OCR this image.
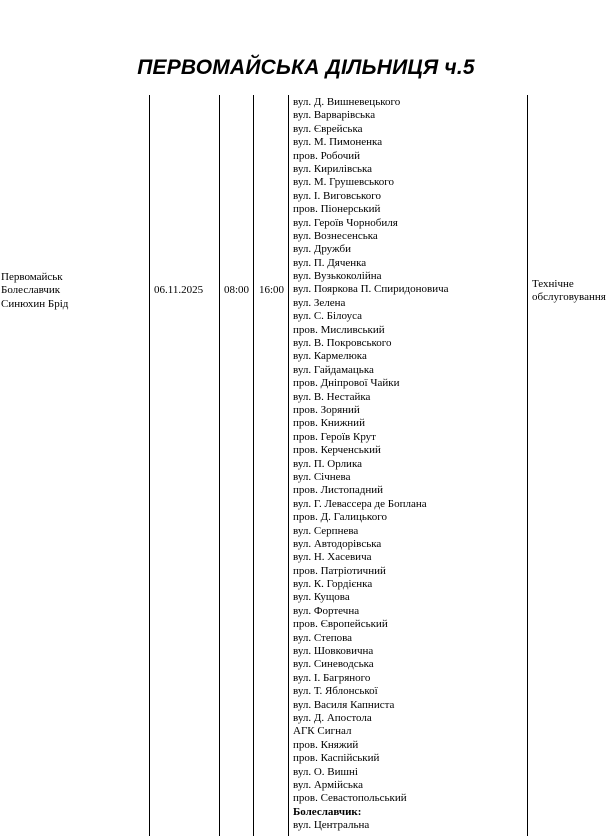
ПЕРВОМАЙСЬКА ДІЛЬНИЦЯ ч.5
Первомайськ
Болеславчик
Синюхин Брід
06.11.2025 08:00 16:00	Технічне
обслуговування
вул. Д. Вишневецького
вул. Варварівська
вул. Єврейська
вул. М. Пимоненка
пров. Робочий
вул. Кирилівська
вул. М. Грушевського
вул. І. Виговського
пров. Піонерський
вул. Героїв Чорнобиля
вул. Вознесенська
вул. Дружби
вул. П. Дяченка
вул. Вузькоколійна
вул. Пояркова П. Спиридоновича
вул. Зелена
вул. С. Білоуса
пров. Мисливський
вул. В. Покровського
вул. Кармелюка
вул. Гайдамацька
пров. Дніпрової Чайки
вул. В. Нестайка
пров. Зоряний
пров. Книжний
пров. Героїв Крут
пров. Керченський
вул. П. Орлика
вул. Січнева
пров. Листопадний
вул. Г. Левассера де Боплана
пров. Д. Галицького
вул. Серпнева
вул. Автодорівська
вул. Н. Хасевича
пров. Патріотичний
вул. К. Гордієнка
вул. Кущова
вул. Фортечна
пров. Європейський
вул. Степова
вул. Шовковична
вул. Синеводська
вул. І. Багряного
вул. Т. Яблонської
вул. Василя Капниста
вул. Д. Апостола
АГК Сигнал
пров. Княжий
пров. Каспійський
вул. О. Вишні
вул. Армійська
пров. Севастопольський
Болеславчик:
вул. Центральна
